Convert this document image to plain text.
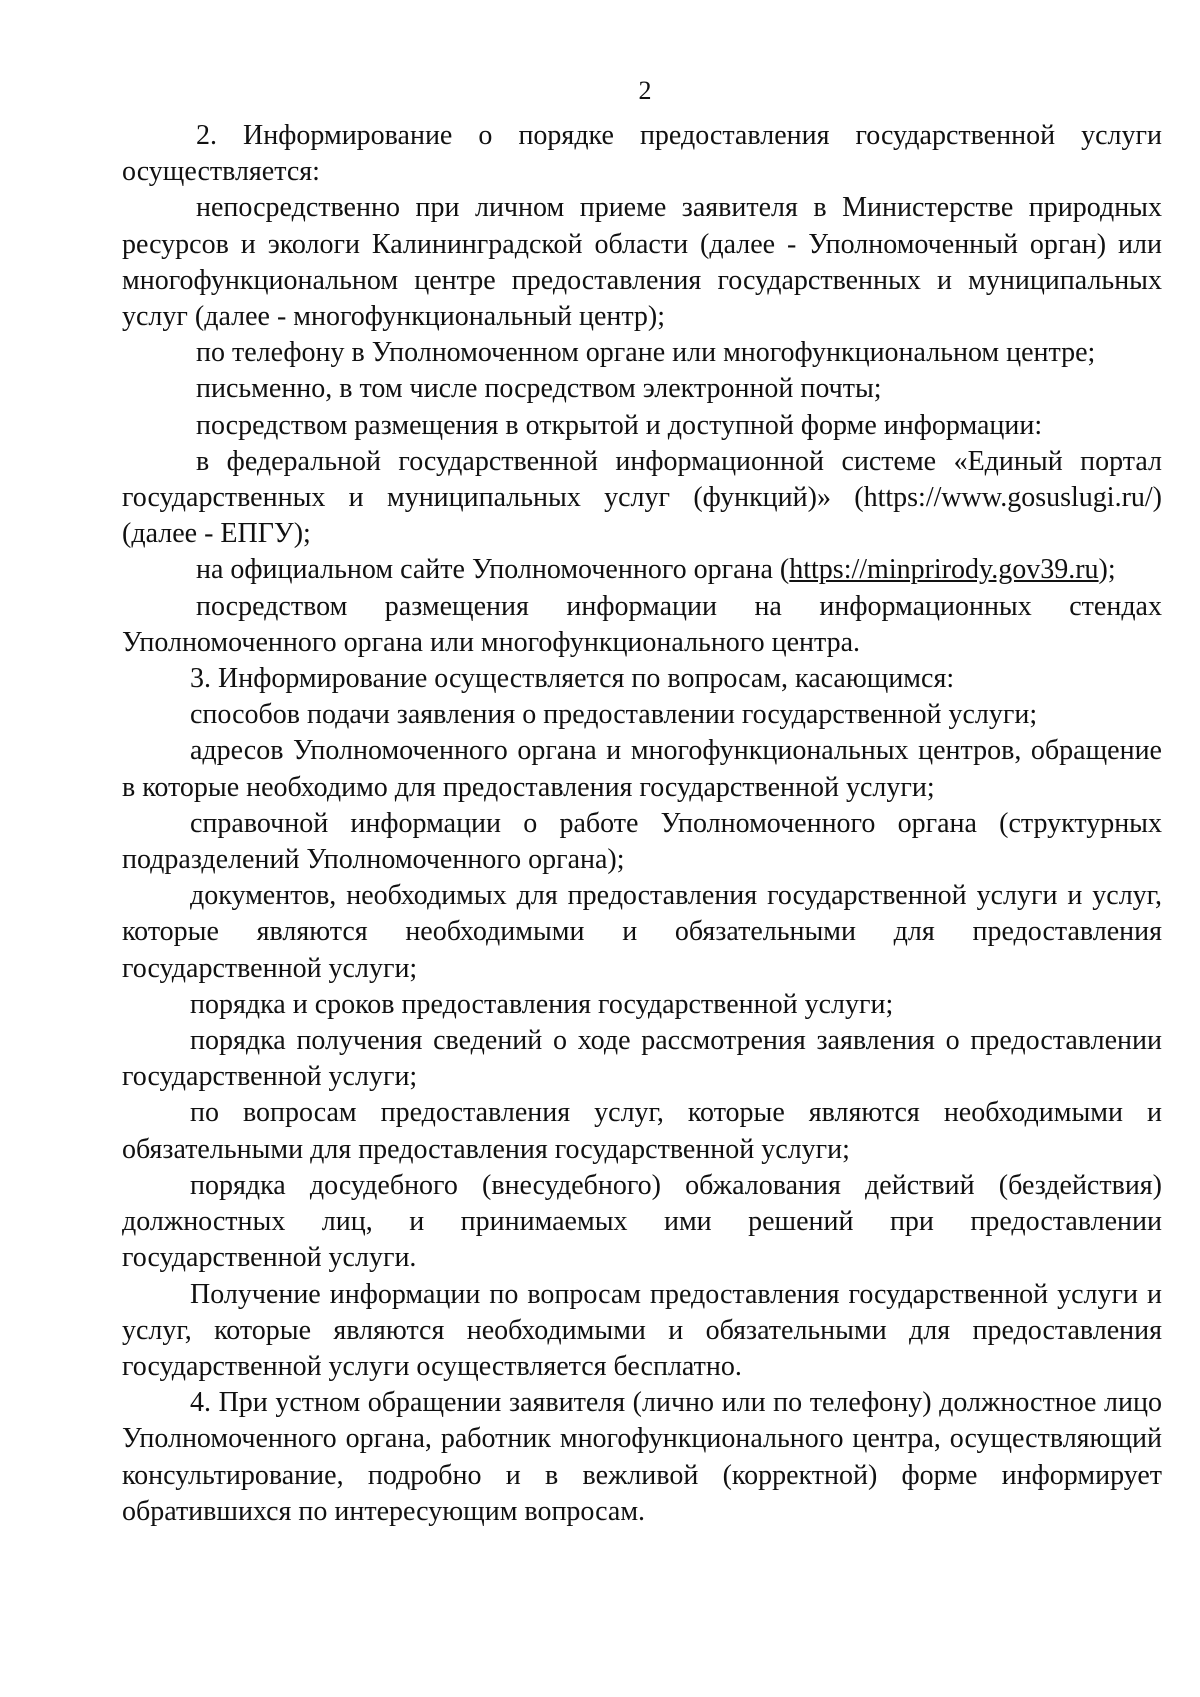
2

2. Информирование о порядке предоставления государственной услуги осуществляется:

непосредственно при личном приеме заявителя в Министерстве природных ресурсов и экологи Калининградской области (далее - Уполномоченный орган) или многофункциональном центре предоставления государственных и муниципальных услуг (далее - многофункциональный центр);

по телефону в Уполномоченном органе или многофункциональном центре;

письменно, в том числе посредством электронной почты;

посредством размещения в открытой и доступной форме информации:

в федеральной государственной информационной системе «Единый портал государственных и муниципальных услуг (функций)» (https://www.gosuslugi.ru/) (далее - ЕПГУ);

на официальном сайте Уполномоченного органа (https://minprirody.gov39.ru);

посредством размещения информации на информационных стендах Уполномоченного органа или многофункционального центра.

3. Информирование осуществляется по вопросам, касающимся:

способов подачи заявления о предоставлении государственной услуги;

адресов Уполномоченного органа и многофункциональных центров, обращение в которые необходимо для предоставления государственной услуги;

справочной информации о работе Уполномоченного органа (структурных подразделений Уполномоченного органа);

документов, необходимых для предоставления государственной услуги и услуг, которые являются необходимыми и обязательными для предоставления государственной услуги;

порядка и сроков предоставления государственной услуги;

порядка получения сведений о ходе рассмотрения заявления о предоставлении государственной услуги;

по вопросам предоставления услуг, которые являются необходимыми и обязательными для предоставления государственной услуги;

порядка досудебного (внесудебного) обжалования действий (бездействия) должностных лиц, и принимаемых ими решений при предоставлении государственной услуги.

Получение информации по вопросам предоставления государственной услуги и услуг, которые являются необходимыми и обязательными для предоставления государственной услуги осуществляется бесплатно.

4. При устном обращении заявителя (лично или по телефону) должностное лицо Уполномоченного органа, работник многофункционального центра, осуществляющий консультирование, подробно и в вежливой (корректной) форме информирует обратившихся по интересующим вопросам.
